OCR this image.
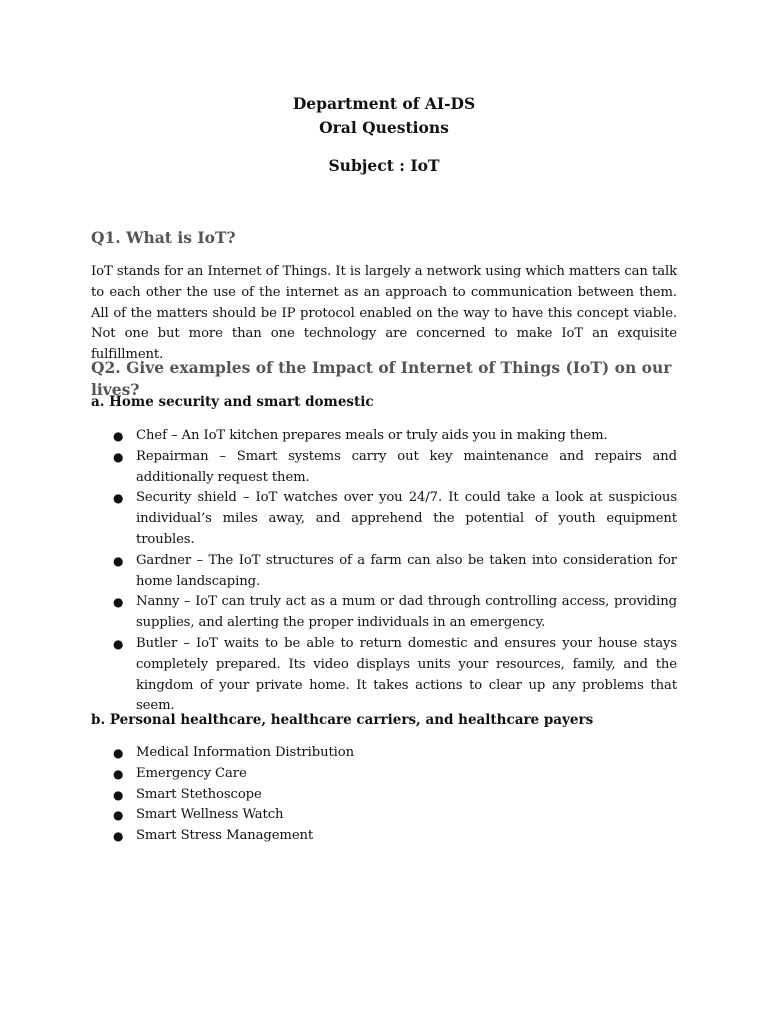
Department of AI-DS
Oral Questions
Subject : IoT
Q1. What is IoT?
IoT stands for an Internet of Things. It is largely a network using which matters can talk to each other the use of the internet as an approach to communication between them. All of the matters should be IP protocol enabled on the way to have this concept viable. Not one but more than one technology are concerned to make IoT an exquisite fulfillment.
Q2. Give examples of the Impact of Internet of Things (IoT) on our lives?
a. Home security and smart domestic
● Chef – An IoT kitchen prepares meals or truly aids you in making them.
● Repairman – Smart systems carry out key maintenance and repairs and additionally request them.
● Security shield – IoT watches over you 24/7. It could take a look at suspicious individual’s miles away, and apprehend the potential of youth equipment troubles.
● Gardner – The IoT structures of a farm can also be taken into consideration for home landscaping.
● Nanny – IoT can truly act as a mum or dad through controlling access, providing supplies, and alerting the proper individuals in an emergency.
● Butler – IoT waits to be able to return domestic and ensures your house stays completely prepared. Its video displays units your resources, family, and the kingdom of your private home. It takes actions to clear up any problems that seem.
b. Personal healthcare, healthcare carriers, and healthcare payers
● Medical Information Distribution
● Emergency Care
● Smart Stethoscope
● Smart Wellness Watch
● Smart Stress Management
